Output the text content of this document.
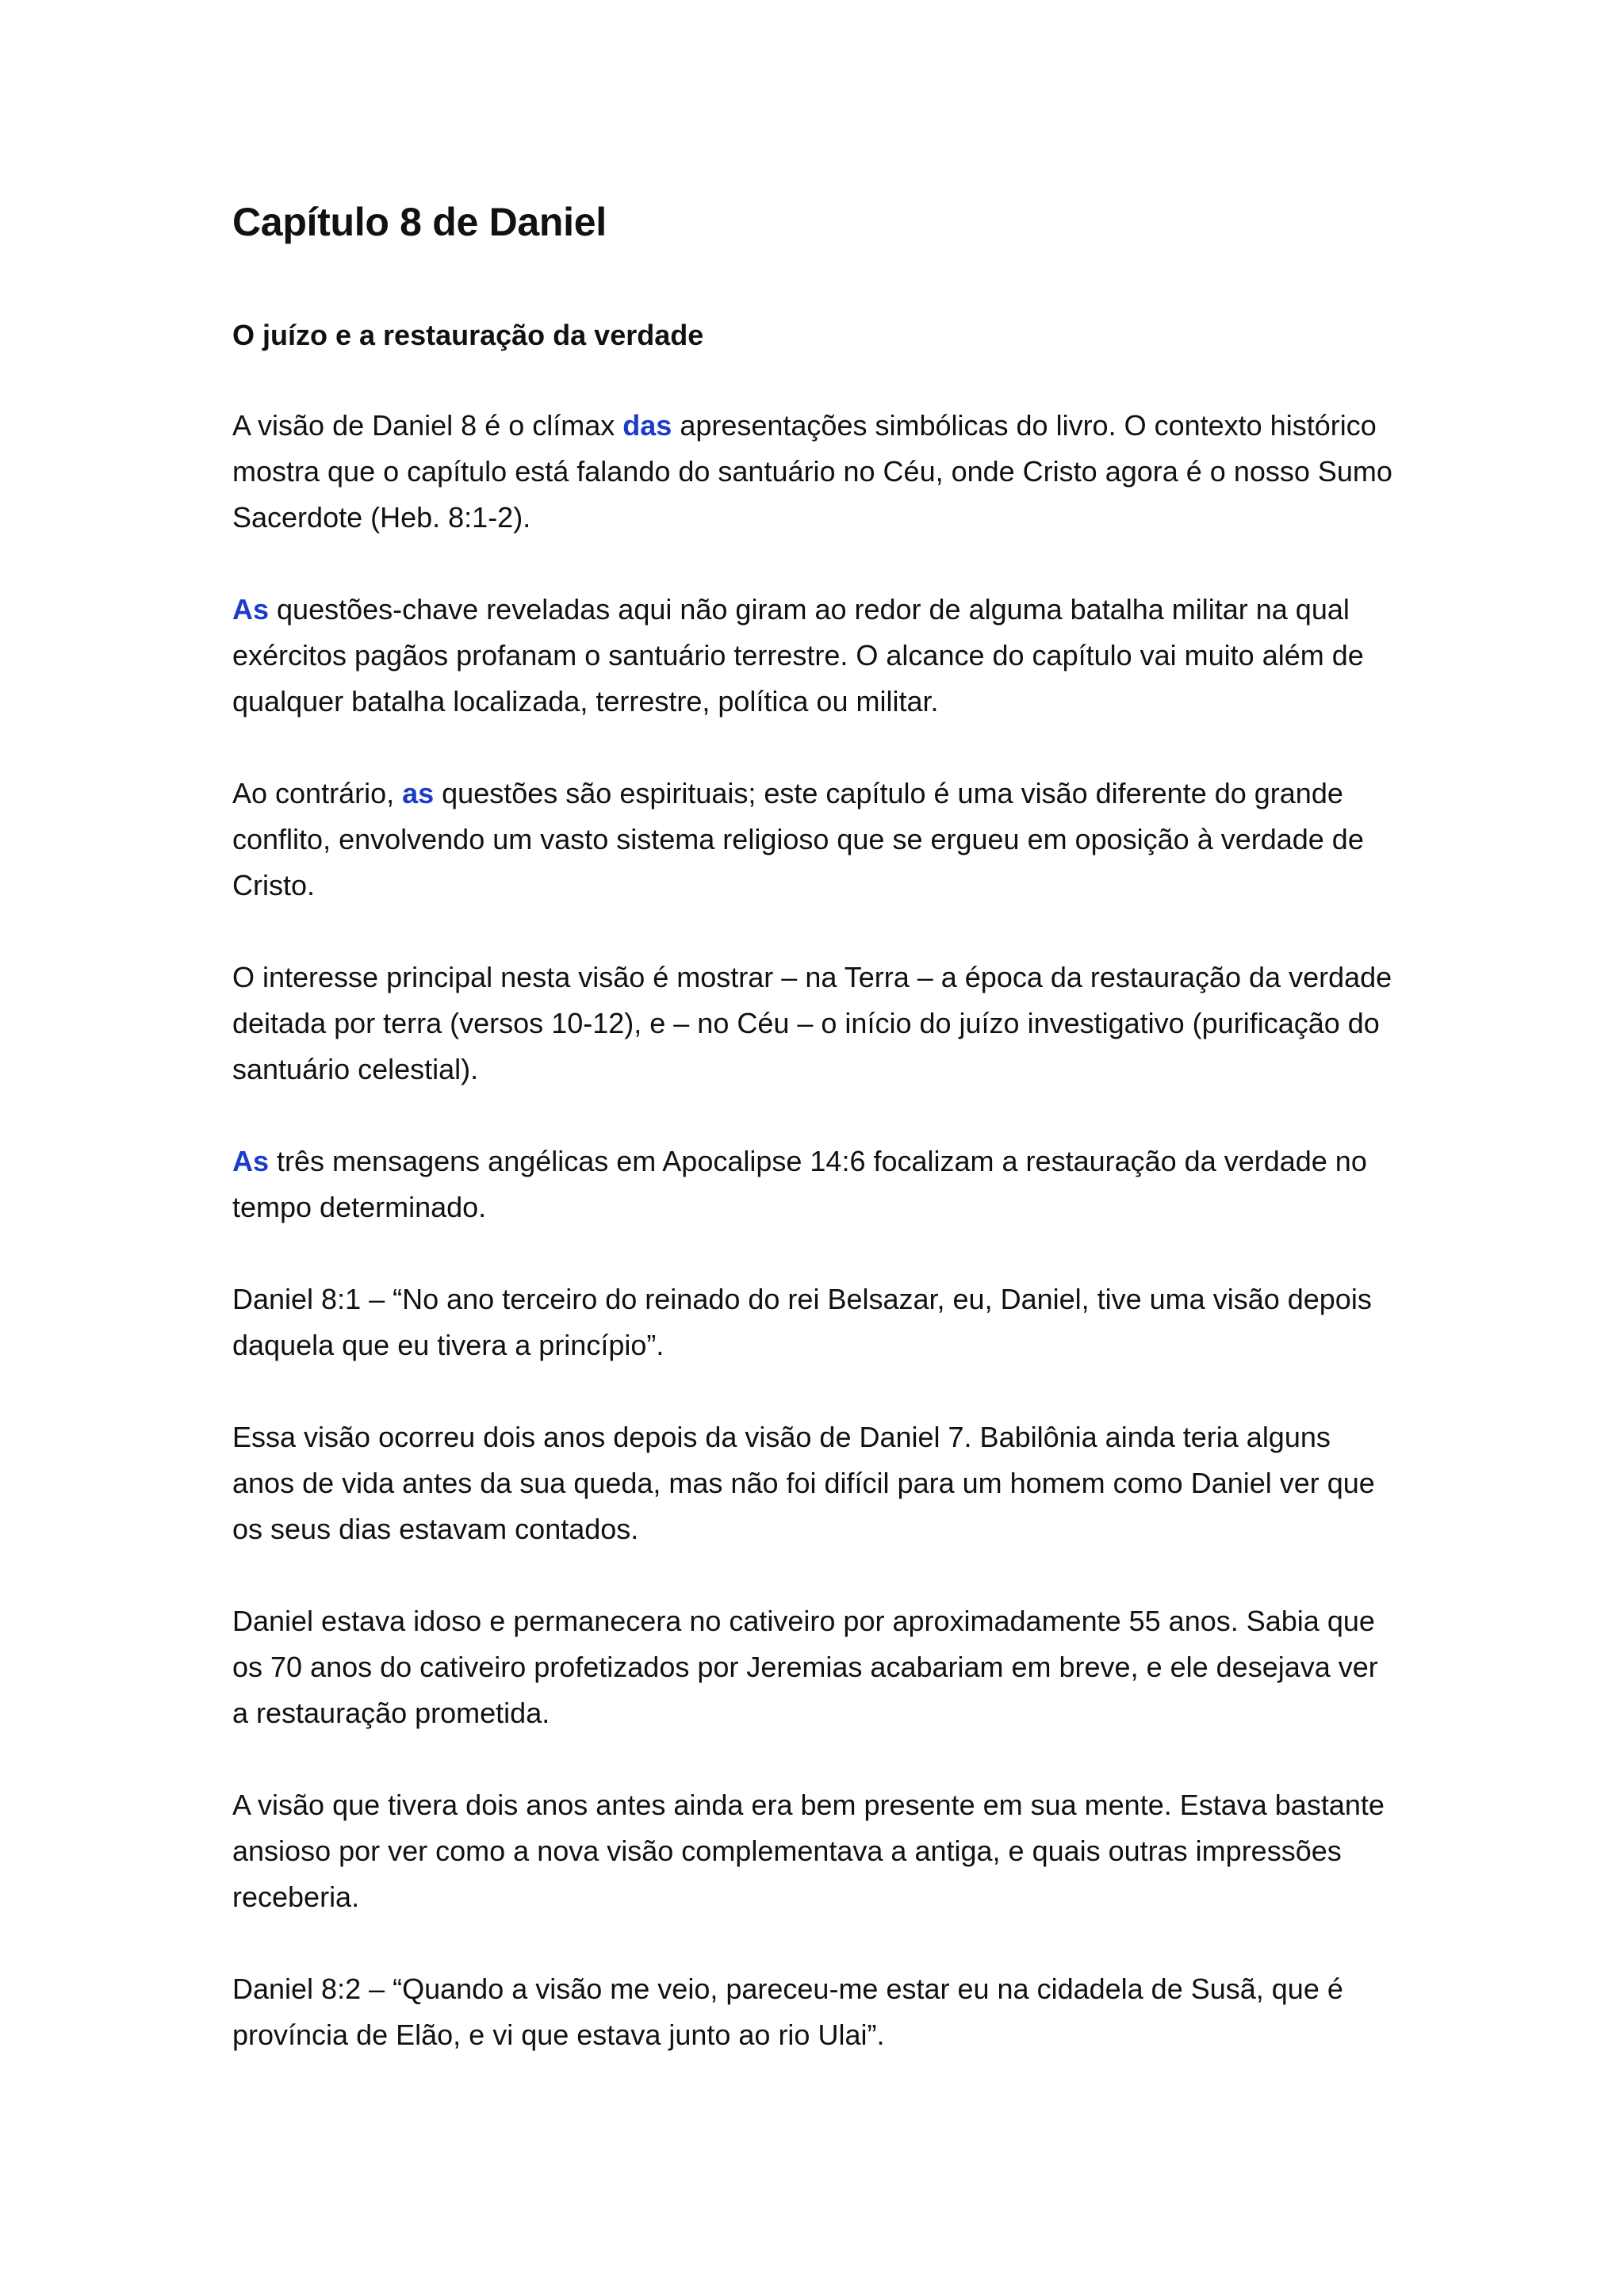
Capítulo 8 de Daniel
O juízo e a restauração da verdade

A visão de Daniel 8 é o clímax das apresentações simbólicas do livro. O contexto histórico mostra que o capítulo está falando do santuário no Céu, onde Cristo agora é o nosso Sumo Sacerdote (Heb. 8:1-2).

As questões-chave reveladas aqui não giram ao redor de alguma batalha militar na qual exércitos pagãos profanam o santuário terrestre. O alcance do capítulo vai muito além de qualquer batalha localizada, terrestre, política ou militar.

Ao contrário, as questões são espirituais; este capítulo é uma visão diferente do grande conflito, envolvendo um vasto sistema religioso que se ergueu em oposição à verdade de Cristo.

O interesse principal nesta visão é mostrar – na Terra – a época da restauração da verdade deitada por terra (versos 10-12), e – no Céu – o início do juízo investigativo (purificação do santuário celestial).

As três mensagens angélicas em Apocalipse 14:6 focalizam a restauração da verdade no tempo determinado.

Daniel 8:1 – “No ano terceiro do reinado do rei Belsazar, eu, Daniel, tive uma visão depois daquela que eu tivera a princípio”.

Essa visão ocorreu dois anos depois da visão de Daniel 7. Babilônia ainda teria alguns anos de vida antes da sua queda, mas não foi difícil para um homem como Daniel ver que os seus dias estavam contados.

Daniel estava idoso e permanecera no cativeiro por aproximadamente 55 anos. Sabia que os 70 anos do cativeiro profetizados por Jeremias acabariam em breve, e ele desejava ver a restauração prometida.

A visão que tivera dois anos antes ainda era bem presente em sua mente. Estava bastante ansioso por ver como a nova visão complementava a antiga, e quais outras impressões receberia.

Daniel 8:2 – “Quando a visão me veio, pareceu-me estar eu na cidadela de Susã, que é província de Elão, e vi que estava junto ao rio Ulai”.
